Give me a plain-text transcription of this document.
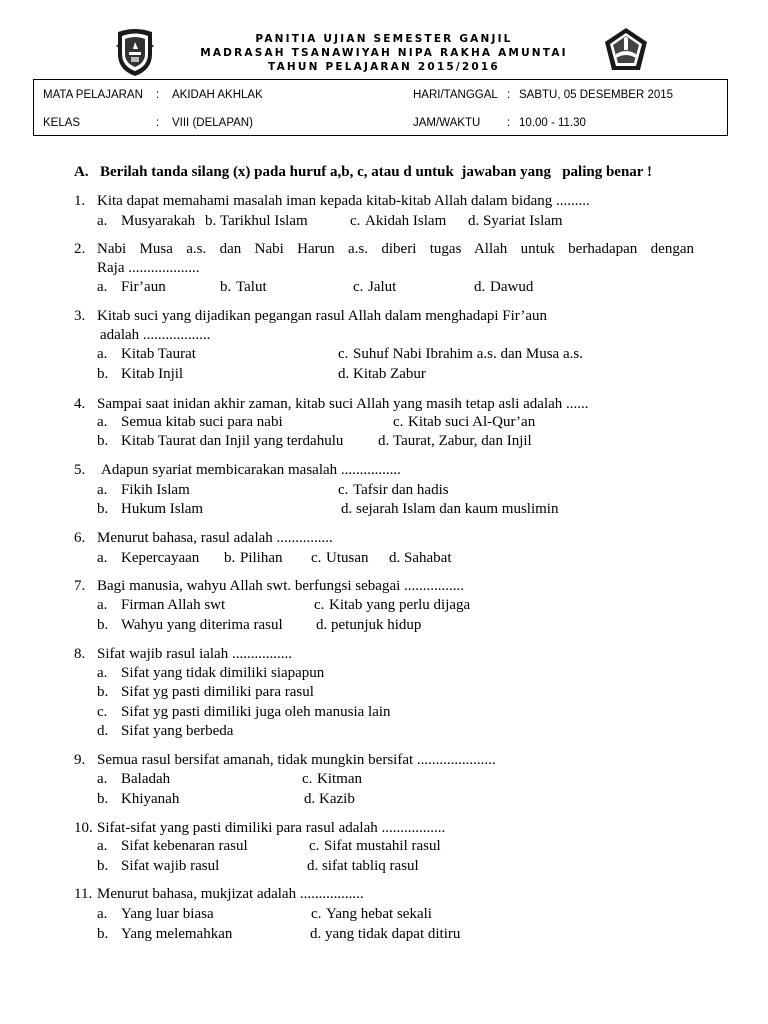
PANITIA UJIAN SEMESTER GANJIL
MADRASAH TSANAWIYAH NIPA RAKHA AMUNTAI
TAHUN PELAJARAN 2015/2016
MATA PELAJARAN : AKIDAH AKHLAK
KELAS	: VIII (DELAPAN)
HARI/TANGGAL : SABTU, 05 DESEMBER 2015
JAM/WAKTU : 10.00 - 11.30
A. Berilah tanda silang (x) pada huruf a,b, c, atau d untuk  jawaban yang   paling benar !
1. Kita dapat memahami masalah iman kepada kitab-kitab Allah dalam bidang .........
a. Musyarakah b. Tarikhul Islam	c. Akidah Islam d. Syariat Islam
2. Nabi Musa a.s. dan Nabi Harun a.s. diberi tugas Allah untuk berhadapan dengan
Raja ...................
a. Fir’aun	b. Talut	c. Jalut	d. Dawud
3. Kitab suci yang dijadikan pegangan rasul Allah dalam menghadapi Fir’aun
adalah ..................
a. Kitab Taurat	c. Suhuf Nabi Ibrahim a.s. dan Musa a.s.
b. Kitab Injil	d. Kitab Zabur
4. Sampai saat inidan akhir zaman, kitab suci Allah yang masih tetap asli adalah ......
a. Semua kitab suci para nabi	c. Kitab suci Al-Qur’an
b. Kitab Taurat dan Injil yang terdahulu d. Taurat, Zabur, dan Injil
5. Adapun syariat membicarakan masalah ................
a. Fikih Islam	c. Tafsir dan hadis
b. Hukum Islam	d. sejarah Islam dan kaum muslimin
6. Menurut bahasa, rasul adalah ...............
a. Kepercayaan b. Pilihan c. Utusan d. Sahabat
7. Bagi manusia, wahyu Allah swt. berfungsi sebagai ................
a. Firman Allah swt	c. Kitab yang perlu dijaga
b. Wahyu yang diterima rasul d. petunjuk hidup
8. Sifat wajib rasul ialah ................
a. Sifat yang tidak dimiliki siapapun
b. Sifat yg pasti dimiliki para rasul
c. Sifat yg pasti dimiliki juga oleh manusia lain
d. Sifat yang berbeda
9. Semua rasul bersifat amanah, tidak mungkin bersifat .....................
a. Baladah	c. Kitman
b. Khiyanah	d. Kazib
10. Sifat-sifat yang pasti dimiliki para rasul adalah .................
a. Sifat kebenaran rasul	c. Sifat mustahil rasul
b. Sifat wajib rasul	d. sifat tabliq rasul
11. Menurut bahasa, mukjizat adalah .................
a. Yang luar biasa	c. Yang hebat sekali
b. Yang melemahkan	d. yang tidak dapat ditiru
